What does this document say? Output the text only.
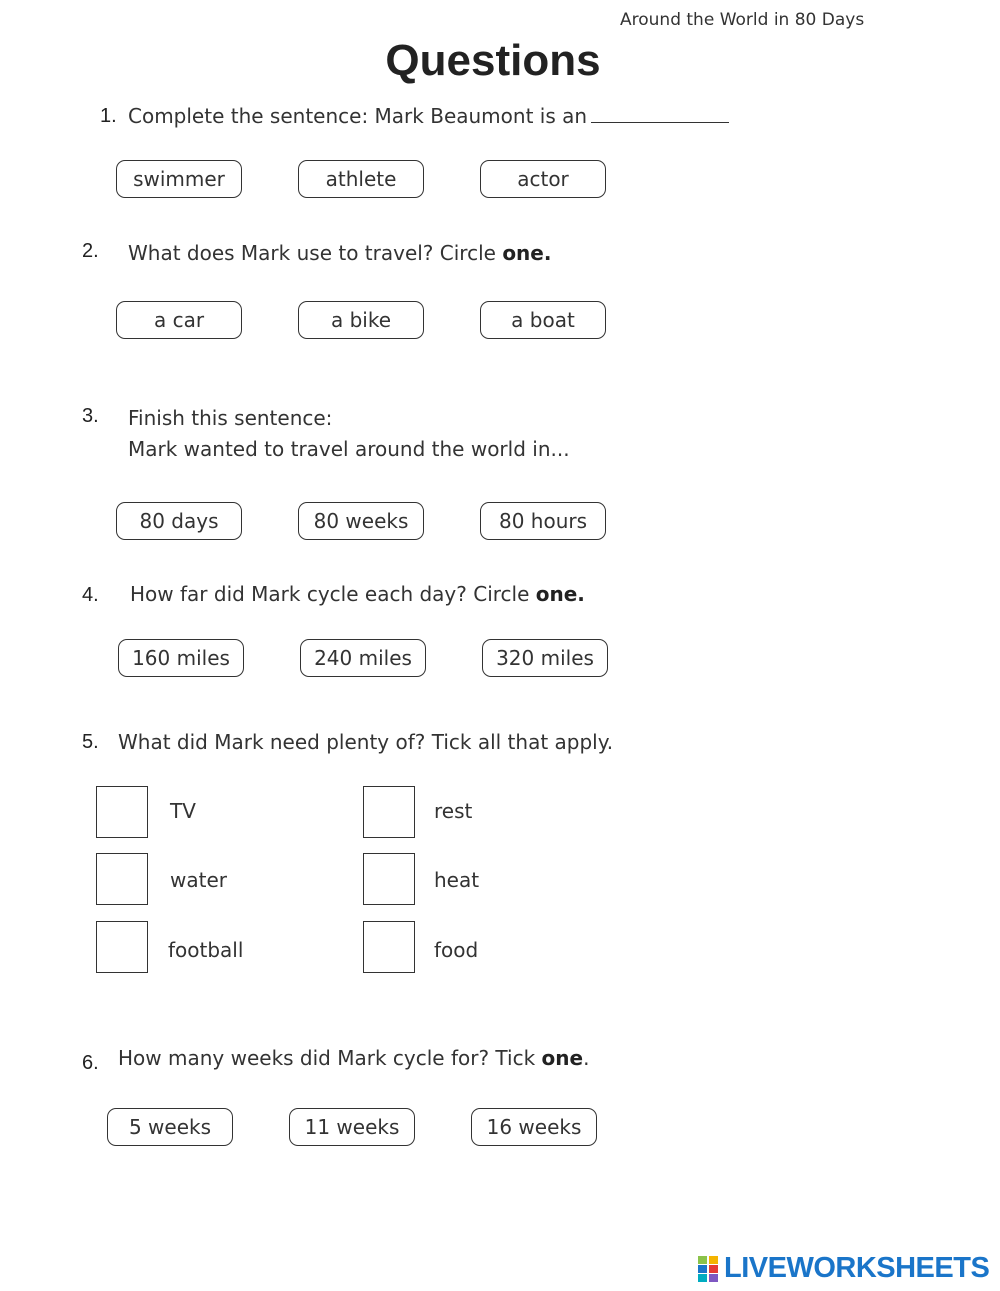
Around the World in 80 Days
Questions
1. Complete the sentence: Mark Beaumont is an
swimmer	athlete	actor
2. What does Mark use to travel? Circle one.
a car	a bike	a boat
3. Finish this sentence:
Mark wanted to travel around the world in...
80 days	80 weeks	80 hours
4. How far did Mark cycle each day? Circle one.
160 miles	240 miles	320 miles
5. What did Mark need plenty of? Tick all that apply.
TV
water
football
rest
heat
food
6. How many weeks did Mark cycle for? Tick one.
5 weeks	11 weeks	16 weeks
LIVEWORKSHEETS
